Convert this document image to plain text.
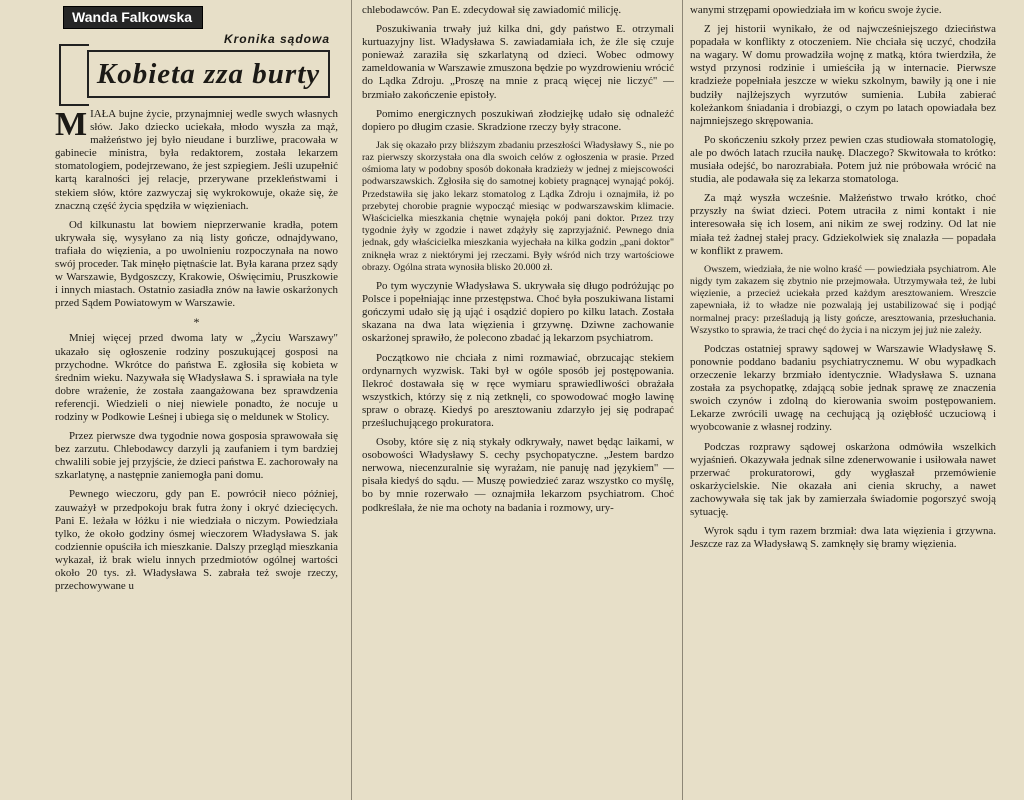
Wanda Falkowska
Kronika sądowa
Kobieta zza burty

MIAŁA bujne życie, przynajmniej wedle swych własnych słów. Jako dziecko uciekała, młodo wyszła za mąż, małżeństwo jej było nieudane i burzliwe, pracowała w gabinecie ministra, była redaktorem, została lekarzem stomatologiem, podejrzewano, że jest szpiegiem. Jeśli uzupełnić kartą karalności jej relacje, przerywane przekleństwami i stekiem słów, które zazwyczaj się wykrokowuje, okaże się, że znaczną część życia spędziła w więzieniach.

Od kilkunastu lat bowiem nieprzerwanie kradła, potem ukrywała się, wysyłano za nią listy gończe, odnajdywano, trafiała do więzienia, a po uwolnieniu rozpoczynała na nowo swój proceder. Tak minęło piętnaście lat. Była karana przez sądy w Warszawie, Bydgoszczy, Krakowie, Oświęcimiu, Pruszkowie i innych miastach. Ostatnio zasiadła znów na ławie oskarżonych przed Sądem Powiatowym w Warszawie.

*

Mniej więcej przed dwoma laty w „Życiu Warszawy" ukazało się ogłoszenie rodziny poszukującej gosposi na przychodne. Wkrótce do państwa E. zgłosiła się kobieta w średnim wieku. Nazywała się Władysława S. i sprawiała na tyle dobre wrażenie, że została zaangażowana bez sprawdzenia referencji. Wiedzieli o niej niewiele ponadto, że nocuje u rodziny w Podkowie Leśnej i ubiega się o meldunek w Stolicy.

Przez pierwsze dwa tygodnie nowa gosposia sprawowała się bez zarzutu. Chlebodawcy darzyli ją zaufaniem i tym bardziej chwalili sobie jej przyjście, że dzieci państwa E. zachorowały na szkarlatynę, a następnie zaniemogła pani domu.

Pewnego wieczoru, gdy pan E. powrócił nieco później, zauważył w przedpokoju brak futra żony i okryć dziecięcych. Pani E. leżała w łóżku i nie wiedziała o niczym. Powiedziała tylko, że około godziny ósmej wieczorem Władysława S. jak codziennie opuściła ich mieszkanie. Dalszy przegląd mieszkania wykazał, iż brak wielu innych przedmiotów ogólnej wartości około 20 tys. zł. Władysława S. zabrała też swoje rzeczy, przechowywane u

chlebodawców. Pan E. zdecydował się zawiadomić milicję.

Poszukiwania trwały już kilka dni, gdy państwo E. otrzymali kurtuazyjny list. Władysława S. zawiadamiała ich, że źle się czuje ponieważ zaraziła się szkarlatyną od dzieci. Wobec odmowy zameldowania w Warszawie zmuszona będzie po wyzdrowieniu wrócić do Lądka Zdroju. „Proszę na mnie z pracą więcej nie liczyć" — brzmiało zakończenie epistoły.

Pomimo energicznych poszukiwań złodziejkę udało się odnaleźć dopiero po długim czasie. Skradzione rzeczy były stracone.

Jak się okazało przy bliższym zbadaniu przeszłości Władysławy S., nie po raz pierwszy skorzystała ona dla swoich celów z ogłoszenia w prasie. Przed ośmioma laty w podobny sposób dokonała kradzieży w jednej z miejscowości podwarszawskich. Zgłosiła się do samotnej kobiety pragnącej wynająć pokój. Przedstawiła się jako lekarz stomatolog z Lądka Zdroju i oznajmiła, iż po przebytej chorobie pragnie wypocząć miesiąc w podwarszawskim klimacie. Właścicielka mieszkania chętnie wynajęła pokój pani doktor. Przez trzy tygodnie żyły w zgodzie i nawet zdążyły się zaprzyjaźnić. Pewnego dnia jednak, gdy właścicielka mieszkania wyjechała na kilka godzin „pani doktor" zniknęła wraz z niektórymi jej rzeczami. Były wśród nich trzy wartościowe obrazy. Ogólna strata wynosiła blisko 20.000 zł.

Po tym wyczynie Władysława S. ukrywała się długo podróżując po Polsce i popełniając inne przestępstwa. Choć była poszukiwana listami gończymi udało się ją ująć i osądzić dopiero po kilku latach. Została skazana na dwa lata więzienia i grzywnę. Dziwne zachowanie oskarżonej sprawiło, że polecono zbadać ją lekarzom psychiatrom.

Początkowo nie chciała z nimi rozmawiać, obrzucając stekiem ordynarnych wyzwisk. Taki był w ogóle sposób jej postępowania. Ilekroć dostawała się w ręce wymiaru sprawiedliwości obrażała wszystkich, którzy się z nią zetknęli, co spowodować mogło lawinę spraw o obrazę. Kiedyś po aresztowaniu zdarzyło jej się podrapać prześluchującego prokuratora.

Osoby, które się z nią stykały odkrywały, nawet będąc laikami, w osobowości Władysławy S. cechy psychopatyczne. „Jestem bardzo nerwowa, niecenzuralnie się wyrażam, nie panuję nad językiem" — pisała kiedyś do sądu. — Muszę powiedzieć zaraz wszystko co myślę, bo by mnie rozerwało — oznajmiła lekarzom psychiatrom. Choć podkreślała, że nie ma ochoty na badania i rozmowy, ury-

wanymi strzępami opowiedziała im w końcu swoje życie.

Z jej historii wynikało, że od najwcześniejszego dzieciństwa popadała w konflikty z otoczeniem. Nie chciała się uczyć, chodziła na wagary. W domu prowadziła wojnę z matką, która twierdziła, że wstyd przynosi rodzinie i umieściła ją w internacie. Pierwsze kradzieże popełniała jeszcze w wieku szkolnym, bawiły ją one i nie budziły najlżejszych wyrzutów sumienia. Lubiła zabierać koleżankom śniadania i drobiazgi, o czym po latach opowiadała bez najmniejszego skrępowania.

Po skończeniu szkoły przez pewien czas studiowała stomatologię, ale po dwóch latach rzuciła naukę. Dlaczego? Skwitowała to krótko: musiała odejść, bo narozrabiała. Potem już nie próbowała wrócić na studia, ale podawała się za lekarza stomatologa.

Za mąż wyszła wcześnie. Małżeństwo trwało krótko, choć przyszły na świat dzieci. Potem utraciła z nimi kontakt i nie interesowała się ich losem, ani nikim ze swej rodziny. Od lat nie miała też żadnej stałej pracy. Gdziekolwiek się znalazła — popadała w konflikt z prawem.

Owszem, wiedziała, że nie wolno kraść — powiedziała psychiatrom. Ale nigdy tym zakazem się zbytnio nie przejmowała. Utrzymywała też, że lubi więzienie, a przecież uciekała przed każdym aresztowaniem. Wreszcie zapewniała, iż to władze nie pozwalają jej ustabilizować się i podjąć normalnej pracy: prześladują ją listy gończe, aresztowania, przesłuchania. Wszystko to sprawia, że traci chęć do życia i na niczym jej już nie zależy.

Podczas ostatniej sprawy sądowej w Warszawie Władysławę S. ponownie poddano badaniu psychiatrycznemu. W obu wypadkach orzeczenie lekarzy brzmiało identycznie. Władysława S. uznana została za psychopatkę, zdającą sobie jednak sprawę ze znaczenia swoich czynów i zdolną do kierowania swoim postępowaniem. Lekarze zwrócili uwagę na cechującą ją oziębłość uczuciową i wyobcowanie z własnej rodziny.

Podczas rozprawy sądowej oskarżona odmówiła wszelkich wyjaśnień. Okazywała jednak silne zdenerwowanie i usiłowała nawet przerwać prokuratorowi, gdy wygłaszał przemówienie oskarżycielskie. Nie okazała ani cienia skruchy, a nawet zachowywała się tak jak by zamierzała świadomie pogorszyć swoją sytuację.

Wyrok sądu i tym razem brzmiał: dwa lata więzienia i grzywna. Jeszcze raz za Władysławą S. zamknęły się bramy więzienia.
